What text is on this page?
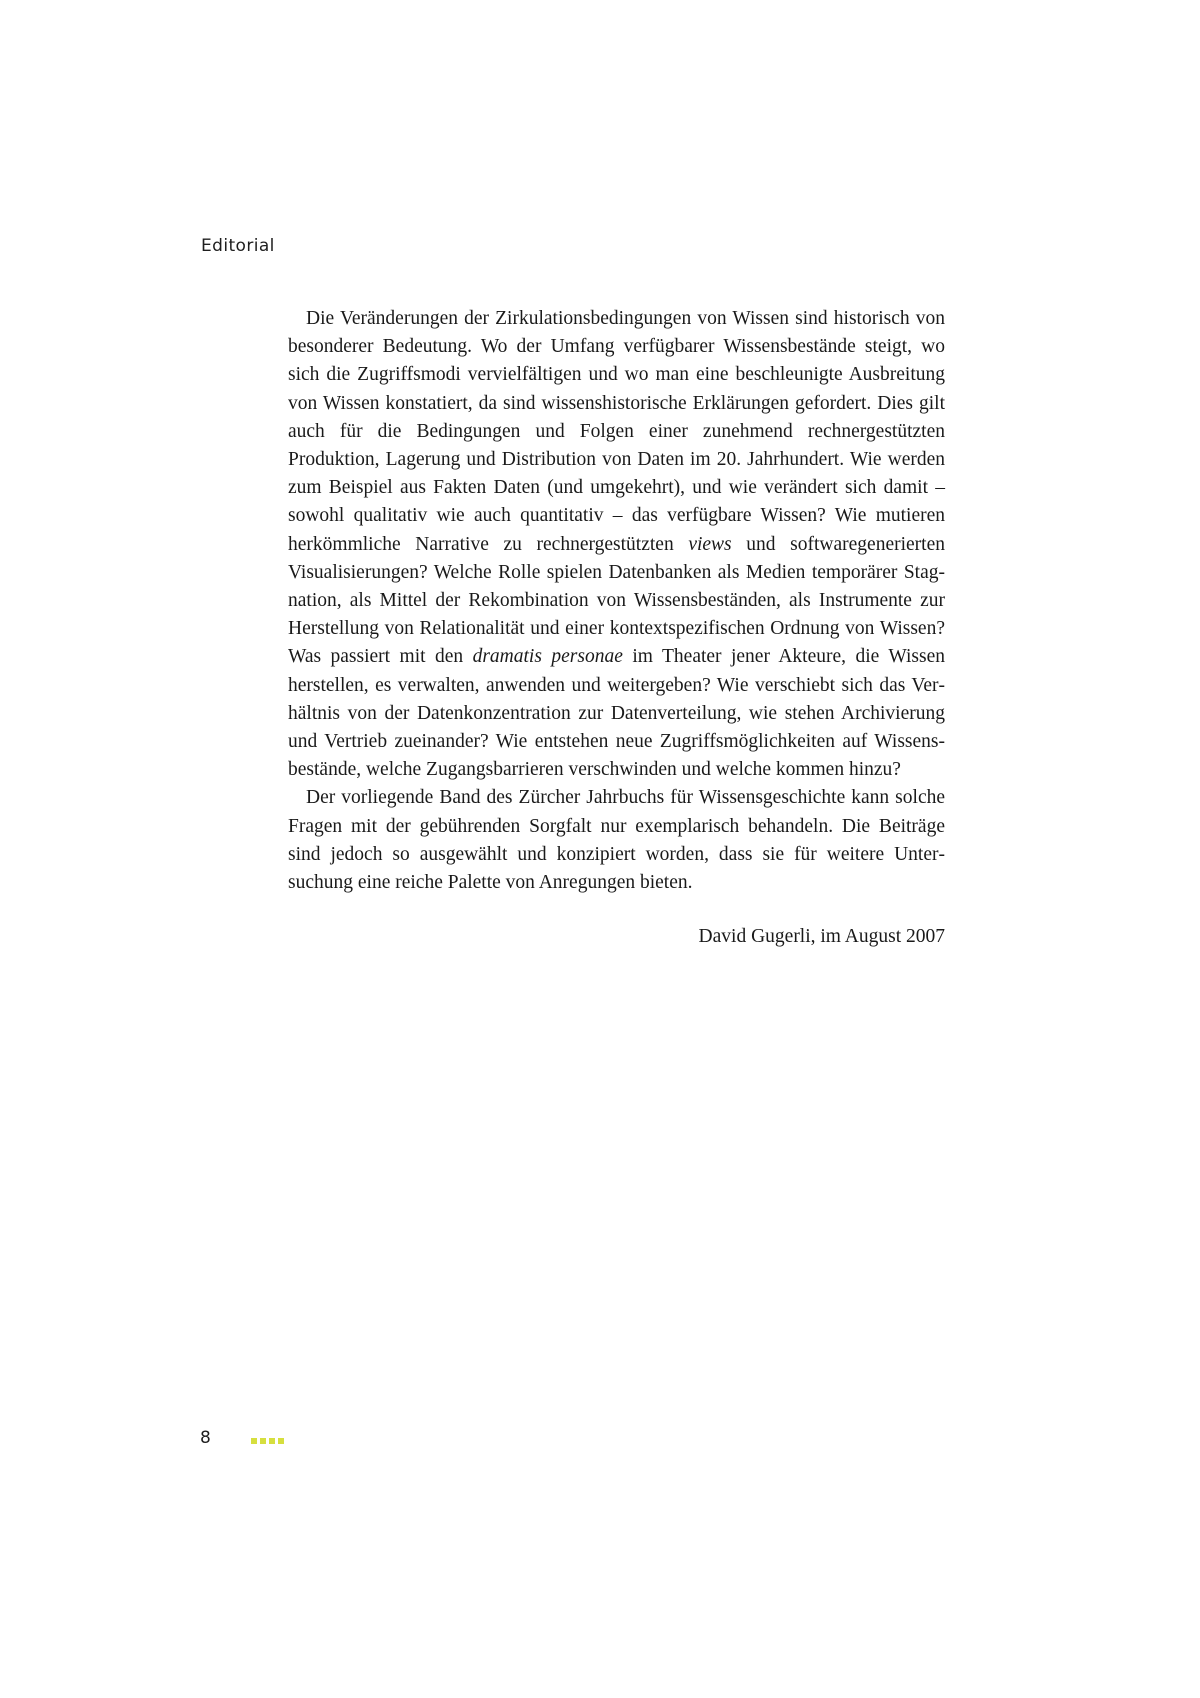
Editorial

Die Veränderungen der Zirkulationsbedingungen von Wissen sind historisch von besonderer Bedeutung. Wo der Umfang verfügbarer Wissensbestände steigt, wo sich die Zugriffsmodi vervielfältigen und wo man eine beschleunigte Ausbreitung von Wissen konstatiert, da sind wissenshistorische Erklärungen gefordert. Dies gilt auch für die Bedingungen und Folgen einer zunehmend rechnergestützten Produktion, Lagerung und Distribution von Daten im 20. Jahrhundert. Wie werden zum Beispiel aus Fakten Daten (und umgekehrt), und wie verändert sich damit – sowohl qualitativ wie auch quantitativ – das verfügbare Wissen? Wie mutieren herkömmliche Narrative zu rechnergestützten views und softwaregenerierten Visualisierungen? Welche Rolle spielen Datenbanken als Medien temporärer Stagnation, als Mittel der Rekombination von Wissensbeständen, als Instrumente zur Herstellung von Relationalität und einer kontextspezifischen Ordnung von Wissen? Was passiert mit den dramatis personae im Theater jener Akteure, die Wissen herstellen, es verwalten, anwenden und weitergeben? Wie verschiebt sich das Verhältnis von der Datenkonzentration zur Datenverteilung, wie stehen Archivierung und Vertrieb zueinander? Wie entstehen neue Zugriffsmöglichkeiten auf Wissensbestände, welche Zugangsbarrieren verschwinden und welche kommen hinzu?

Der vorliegende Band des Zürcher Jahrbuchs für Wissensgeschichte kann solche Fragen mit der gebührenden Sorgfalt nur exemplarisch behandeln. Die Beiträge sind jedoch so ausgewählt und konzipiert worden, dass sie für weitere Untersuchung eine reiche Palette von Anregungen bieten.

David Gugerli, im August 2007
8
